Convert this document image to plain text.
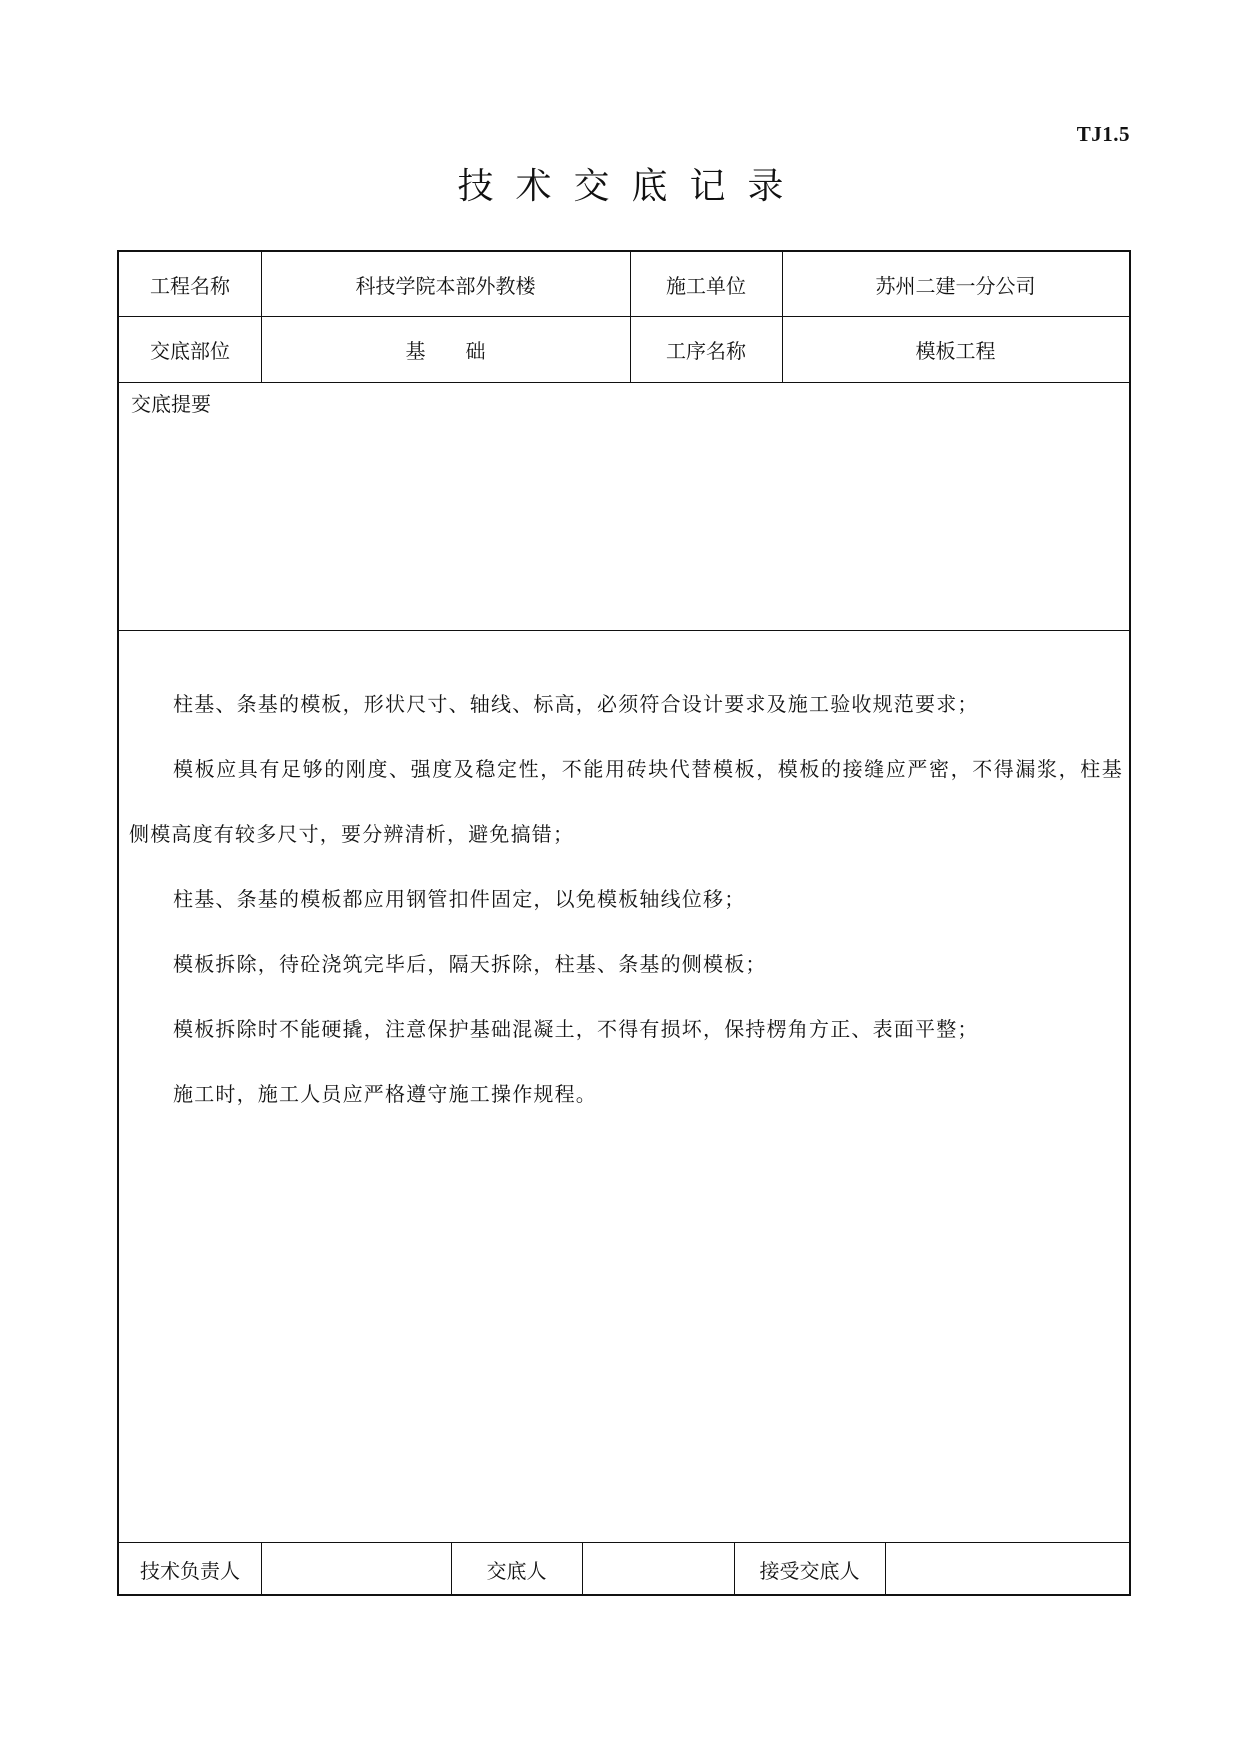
TJ1.5
技术交底记录
工程名称	科技学院本部外教楼	施工单位	苏州二建一分公司
交底部位	基　　础	工序名称	模板工程
交底提要

柱基、条基的模板，形状尺寸、轴线、标高，必须符合设计要求及施工验收规范要求；

模板应具有足够的刚度、强度及稳定性，不能用砖块代替模板，模板的接缝应严密，不得漏浆，柱基侧模高度有较多尺寸，要分辨清析，避免搞错；

柱基、条基的模板都应用钢管扣件固定，以免模板轴线位移；

模板拆除，待砼浇筑完毕后，隔天拆除，柱基、条基的侧模板；

模板拆除时不能硬撬，注意保护基础混凝土，不得有损坏，保持楞角方正、表面平整；

施工时，施工人员应严格遵守施工操作规程。

技术负责人	交底人	接受交底人
